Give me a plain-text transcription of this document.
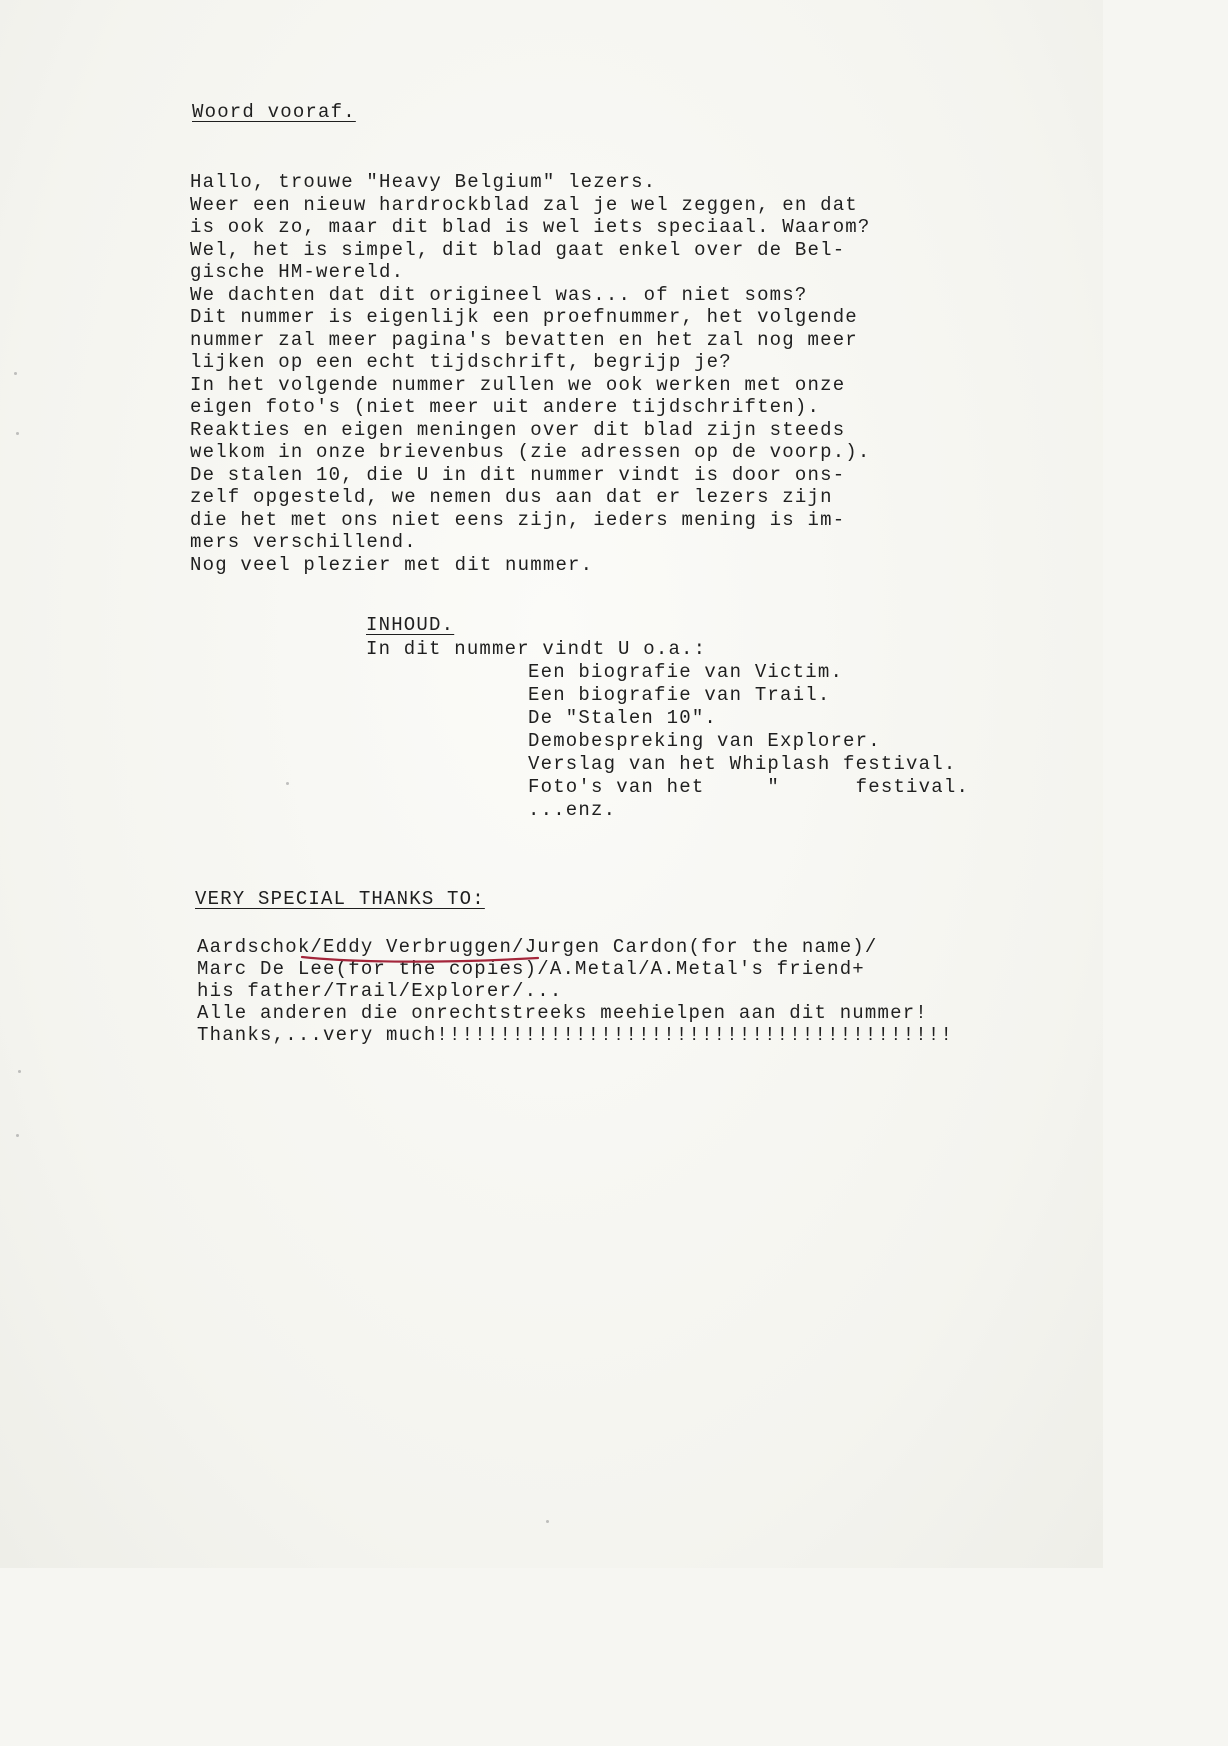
Woord vooraf.
Hallo, trouwe "Heavy Belgium" lezers.
Weer een nieuw hardrockblad zal je wel zeggen, en dat
is ook zo, maar dit blad is wel iets speciaal. Waarom?
Wel, het is simpel, dit blad gaat enkel over de Bel-
gische HM-wereld.
We dachten dat dit origineel was... of niet soms?
Dit nummer is eigenlijk een proefnummer, het volgende
nummer zal meer pagina's bevatten en het zal nog meer
lijken op een echt tijdschrift, begrijp je?
In het volgende nummer zullen we ook werken met onze
eigen foto's (niet meer uit andere tijdschriften).
Reakties en eigen meningen over dit blad zijn steeds
welkom in onze brievenbus (zie adressen op de voorp.).
De stalen 10, die U in dit nummer vindt is door ons-
zelf opgesteld, we nemen dus aan dat er lezers zijn
die het met ons niet eens zijn, ieders mening is im-
mers verschillend.
Nog veel plezier met dit nummer.
INHOUD.
In dit nummer vindt U o.a.:
Een biografie van Victim.
Een biografie van Trail.
De "Stalen 10".
Demobespreking van Explorer.
Verslag van het Whiplash festival.
Foto's van het     "      festival.
...enz.
VERY SPECIAL THANKS TO:
Aardschok/Eddy Verbruggen/Jurgen Cardon(for the name)/
Marc De Lee(for the copies)/A.Metal/A.Metal's friend+
his father/Trail/Explorer/...
Alle anderen die onrechtstreeks meehielpen aan dit nummer!
Thanks,...very much!!!!!!!!!!!!!!!!!!!!!!!!!!!!!!!!!!!!!!!!!
